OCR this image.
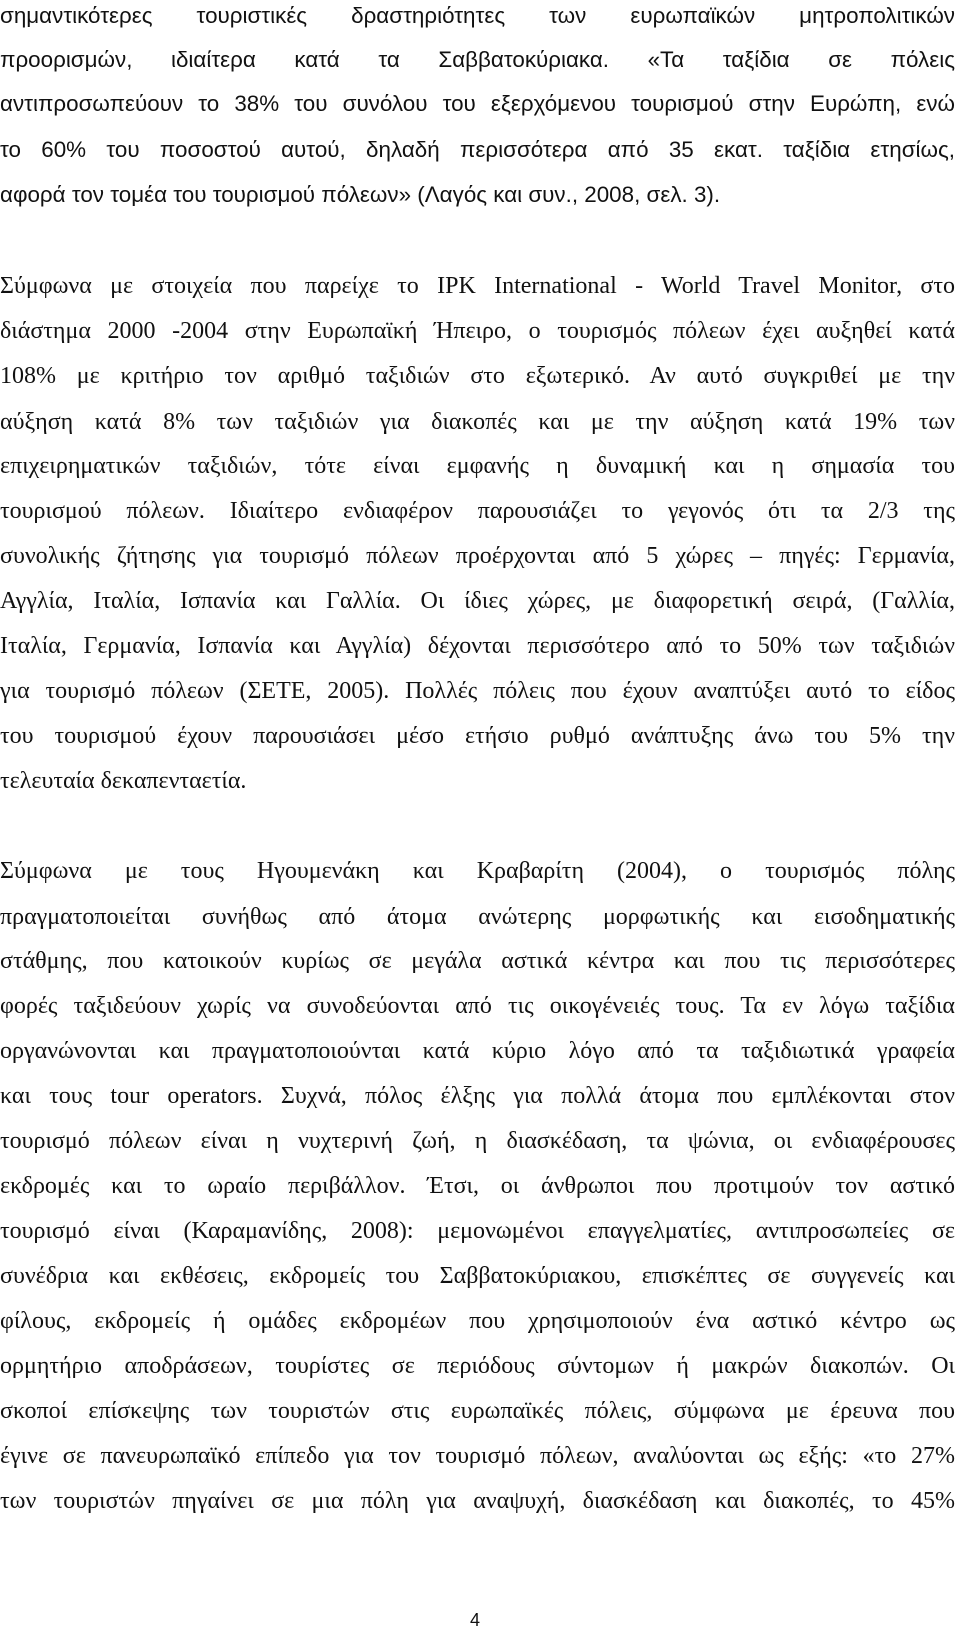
σημαντικότερες τουριστικές δραστηριότητες των ευρωπαϊκών μητροπολιτικών
προορισμών, ιδιαίτερα κατά τα Σαββατοκύριακα. «Τα ταξίδια σε πόλεις
αντιπροσωπεύουν το 38% του συνόλου του εξερχόμενου τουρισμού στην Ευρώπη, ενώ
το 60% του ποσοστού αυτού, δηλαδή περισσότερα από 35 εκατ. ταξίδια ετησίως,
αφορά τον τομέα του τουρισμού πόλεων» (Λαγός και συν., 2008, σελ. 3).
Σύμφωνα με στοιχεία που παρείχε το IPK International - World Travel Monitor, στο
διάστημα 2000 -2004 στην Ευρωπαϊκή Ήπειρο, ο τουρισμός πόλεων έχει αυξηθεί κατά
108% με κριτήριο τον αριθμό ταξιδιών στο εξωτερικό. Αν αυτό συγκριθεί με την
αύξηση κατά 8% των ταξιδιών για διακοπές και με την αύξηση κατά 19% των
επιχειρηματικών ταξιδιών, τότε είναι εμφανής η δυναμική και η σημασία του
τουρισμού πόλεων. Ιδιαίτερο ενδιαφέρον παρουσιάζει το γεγονός ότι τα 2/3 της
συνολικής ζήτησης για τουρισμό πόλεων προέρχονται από 5 χώρες – πηγές: Γερμανία,
Αγγλία, Ιταλία, Ισπανία και Γαλλία. Οι ίδιες χώρες, με διαφορετική σειρά, (Γαλλία,
Ιταλία, Γερμανία, Ισπανία και Αγγλία) δέχονται περισσότερο από το 50% των ταξιδιών
για τουρισμό πόλεων (ΣΕΤΕ, 2005). Πολλές πόλεις που έχουν αναπτύξει αυτό το είδος
του τουρισμού έχουν παρουσιάσει μέσο ετήσιο ρυθμό ανάπτυξης άνω του 5% την
τελευταία δεκαπενταετία.
Σύμφωνα με τους Ηγουμενάκη και Κραβαρίτη (2004), ο τουρισμός πόλης
πραγματοποιείται συνήθως από άτομα ανώτερης μορφωτικής και εισοδηματικής
στάθμης, που κατοικούν κυρίως σε μεγάλα αστικά κέντρα και που τις περισσότερες
φορές ταξιδεύουν χωρίς να συνοδεύονται από τις οικογένειές τους. Τα εν λόγω ταξίδια
οργανώνονται και πραγματοποιούνται κατά κύριο λόγο από τα ταξιδιωτικά γραφεία
και τους tour operators. Συχνά, πόλος έλξης για πολλά άτομα που εμπλέκονται στον
τουρισμό πόλεων είναι η νυχτερινή ζωή, η διασκέδαση, τα ψώνια, οι ενδιαφέρουσες
εκδρομές και το ωραίο περιβάλλον. Έτσι, οι άνθρωποι που προτιμούν τον αστικό
τουρισμό είναι (Καραμανίδης, 2008): μεμονωμένοι επαγγελματίες, αντιπροσωπείες σε
συνέδρια και εκθέσεις, εκδρομείς του Σαββατοκύριακου, επισκέπτες σε συγγενείς και
φίλους, εκδρομείς ή ομάδες εκδρομέων που χρησιμοποιούν ένα αστικό κέντρο ως
ορμητήριο αποδράσεων, τουρίστες σε περιόδους σύντομων ή μακρών διακοπών. Οι
σκοποί επίσκεψης των τουριστών στις ευρωπαϊκές πόλεις, σύμφωνα με έρευνα που
έγινε σε πανευρωπαϊκό επίπεδο για τον τουρισμό πόλεων, αναλύονται ως εξής: «το 27%
των τουριστών πηγαίνει σε μια πόλη για αναψυχή, διασκέδαση και διακοπές, το 45%
4
